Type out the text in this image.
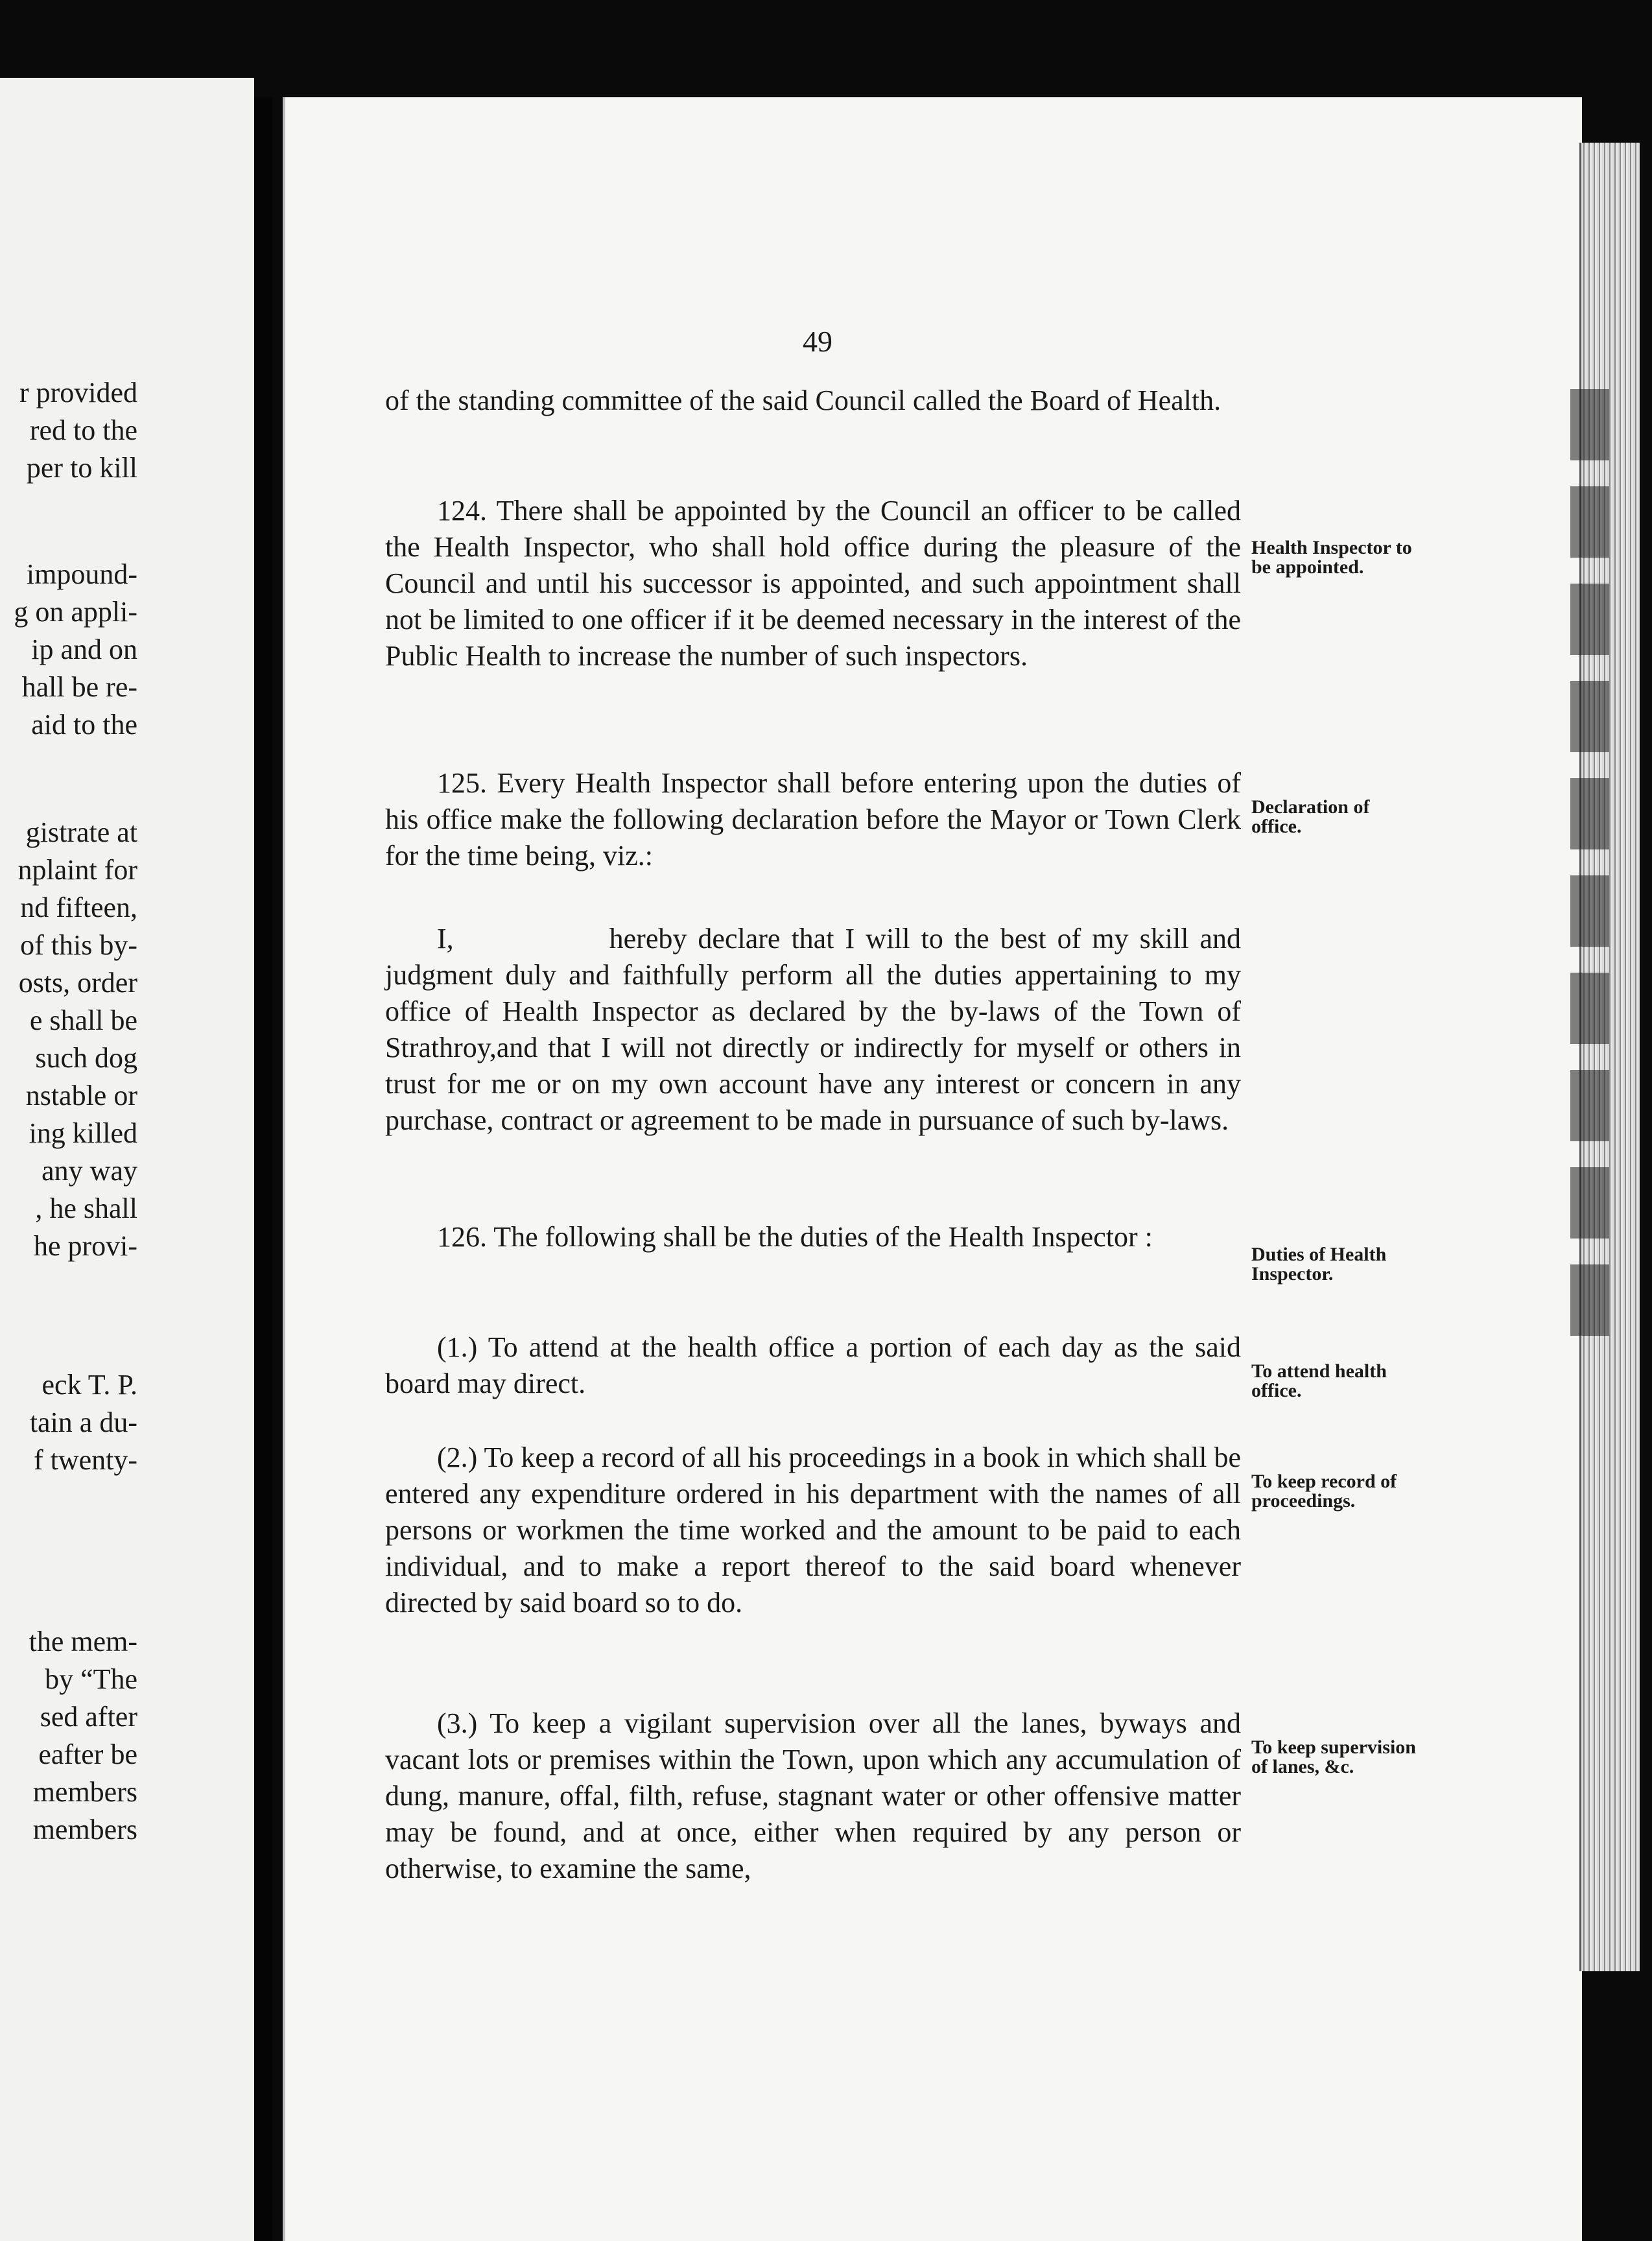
r provided
red to the
per to kill
impound-
g on appli-
ip and on
hall be re-
aid to the
gistrate at
nplaint for
nd fifteen,
of this by-
osts, order
e shall be
such dog
nstable or
ing killed
any way
, he shall
he provi-
eck T. P.
tain a du-
f twenty-
the mem-
by “The
sed after
eafter be
members
members
49
of the standing committee of the said Council called the Board of Health.
124. There shall be appointed by the Council an officer to be called the Health Inspector, who shall hold office during the pleasure of the Council and until his successor is appointed, and such appointment shall not be limited to one officer if it be deemed necessary in the interest of the Public Health to increase the number of such inspectors.
Health Inspector to be appointed.
125. Every Health Inspector shall before entering upon the duties of his office make the following declaration before the Mayor or Town Clerk for the time being, viz.:
Declaration of office.
I,	hereby declare that I will to the best of my skill and judgment duly and faithfully perform all the duties appertaining to my office of Health Inspector as declared by the by-laws of the Town of Strathroy,and that I will not directly or indirectly for myself or others in trust for me or on my own account have any interest or concern in any purchase, contract or agreement to be made in pursuance of such by-laws.
126. The following shall be the duties of the Health Inspector :
Duties of Health Inspector.
(1.) To attend at the health office a portion of each day as the said board may direct.	To attend health office.
(2.) To keep a record of all his proceedings in a book in which shall be entered any expenditure ordered in his department with the names of all persons or workmen the time worked and the amount to be paid to each individual, and to make a report thereof to the said board whenever directed by said board so to do.
To keep record of proceedings.
(3.) To keep a vigilant supervision over all the lanes, byways and vacant lots or premises within the Town, upon which any accumulation of dung, manure, offal, filth, refuse, stagnant water or other offensive matter may be found, and at once, either when required by any person or otherwise, to examine the same,
To keep supervision of lanes, &c.
